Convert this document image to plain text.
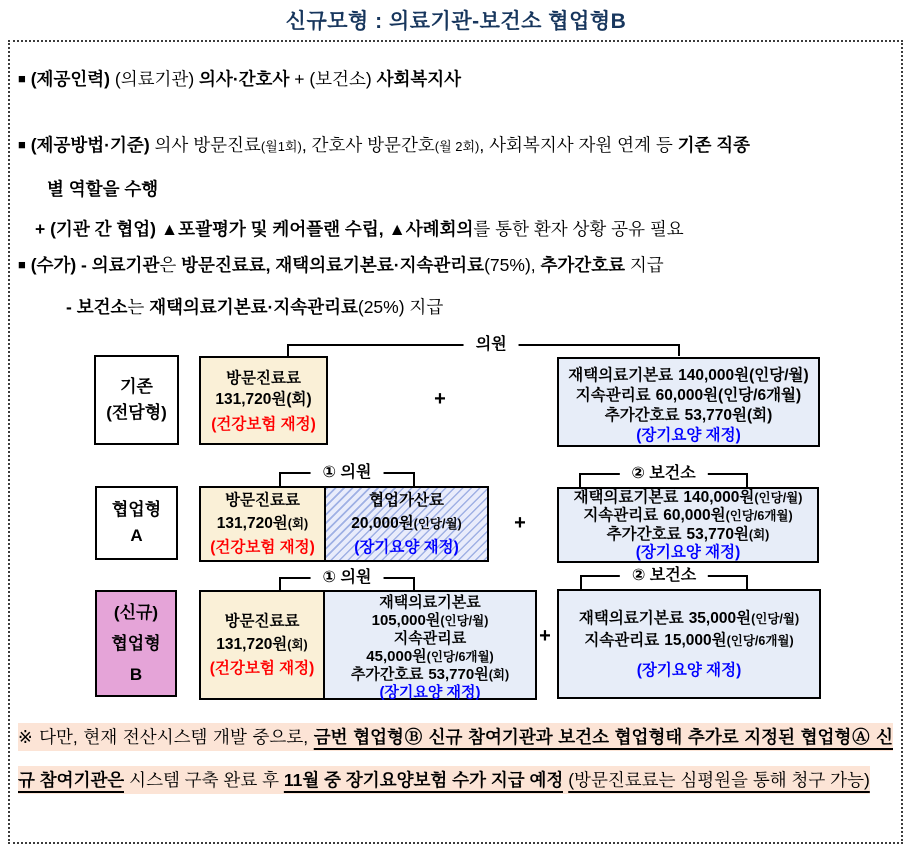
신규모형 : 의료기관-보건소 협업형B
■ (제공인력) (의료기관) 의사·간호사 + (보건소) 사회복지사
■ (제공방법·기준) 의사 방문진료(월1회), 간호사 방문간호(월 2회), 사회복지사 자원 연계 등 기존 직종
별 역할을 수행
+ (기관 간 협업) ▲포괄평가 및 케어플랜 수립, ▲사례회의를 통한 환자 상황 공유 필요
■ (수가) - 의료기관은 방문진료료, 재택의료기본료·지속관리료(75%), 추가간호료 지급
- 보건소는 재택의료기본료·지속관리료(25%) 지급
의원
기존
(전담형)
방문진료료
131,720원(회)
(건강보험 재정)
+
재택의료기본료 140,000원(인당/월)
지속관리료 60,000원(인당/6개월)
추가간호료 53,770원(회)
(장기요양 재정)
① 의원	② 보건소
협업형
A
방문진료료
131,720원(회)
(건강보험 재정)
협업가산료
20,000원(인당/월)
(장기요양 재정)
+
재택의료기본료 140,000원(인당/월)
지속관리료 60,000원(인당/6개월)
추가간호료 53,770원(회)
(장기요양 재정)
① 의원	② 보건소
(신규)
협업형
B
방문진료료
131,720원(회)
(건강보험 재정)
재택의료기본료
105,000원(인당/월)
지속관리료
45,000원(인당/6개월)
추가간호료 53,770원(회)
(장기요양 재정)
+
재택의료기본료 35,000원(인당/월)
지속관리료 15,000원(인당/6개월)
(장기요양 재정)
※ 다만, 현재 전산시스템 개발 중으로, 금번 협업형Ⓑ 신규 참여기관과 보건소 협업형태 추가로 지정된 협업형Ⓐ 신규 참여기관은 시스템 구축 완료 후 11월 중 장기요양보험 수가 지급 예정 (방문진료료는 심평원을 통해 청구 가능)
